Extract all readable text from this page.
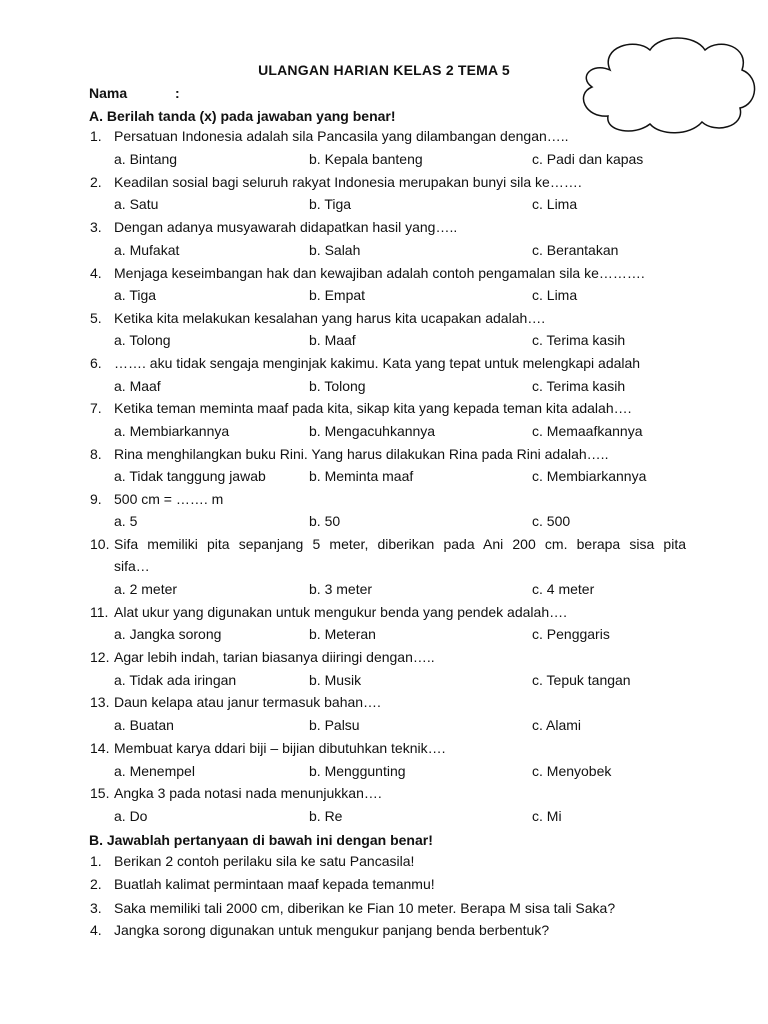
ULANGAN HARIAN KELAS 2 TEMA 5
Nama	:
A. Berilah tanda (x) pada jawaban yang benar!
1. Persatuan Indonesia adalah sila Pancasila yang dilambangan dengan…..
a. Bintang	b. Kepala banteng	c. Padi dan kapas
2. Keadilan sosial bagi seluruh rakyat Indonesia merupakan bunyi sila ke…….
a. Satu	b. Tiga	c. Lima
3. Dengan adanya musyawarah didapatkan hasil yang…..
a. Mufakat	b. Salah	c. Berantakan
4. Menjaga keseimbangan hak dan kewajiban adalah contoh pengamalan sila ke……….
a. Tiga	b. Empat	c. Lima
5. Ketika kita melakukan kesalahan yang harus kita ucapakan adalah….
a. Tolong	b. Maaf	c. Terima kasih
6. ……. aku tidak sengaja menginjak kakimu. Kata yang tepat untuk melengkapi adalah
a. Maaf	b. Tolong	c. Terima kasih
7. Ketika teman meminta maaf pada kita, sikap kita yang kepada teman kita adalah….
a. Membiarkannya	b. Mengacuhkannya	c. Memaafkannya
8. Rina menghilangkan buku Rini. Yang harus dilakukan Rina pada Rini adalah…..
a. Tidak tanggung jawab	b. Meminta maaf	c. Membiarkannya
9. 500 cm = ……. m
a. 5	b. 50	c. 500
10. Sifa memiliki pita sepanjang 5 meter, diberikan pada Ani 200 cm. berapa sisa pita
sifa…
a. 2 meter	b. 3 meter	c. 4 meter
11. Alat ukur yang digunakan untuk mengukur benda yang pendek adalah….
a. Jangka sorong	b. Meteran	c. Penggaris
12. Agar lebih indah, tarian biasanya diiringi dengan…..
a. Tidak ada iringan	b. Musik	c. Tepuk tangan
13. Daun kelapa atau janur termasuk bahan….
a. Buatan	b. Palsu	c. Alami
14. Membuat karya ddari biji – bijian dibutuhkan teknik….
a. Menempel	b. Menggunting	c. Menyobek
15. Angka 3 pada notasi nada menunjukkan….
a. Do	b. Re	c. Mi
B. Jawablah pertanyaan di bawah ini dengan benar!
1. Berikan 2 contoh perilaku sila ke satu Pancasila!
2. Buatlah kalimat permintaan maaf kepada temanmu!
3. Saka memiliki tali 2000 cm, diberikan ke Fian 10 meter. Berapa M sisa tali Saka?
4. Jangka sorong digunakan untuk mengukur panjang benda berbentuk?
